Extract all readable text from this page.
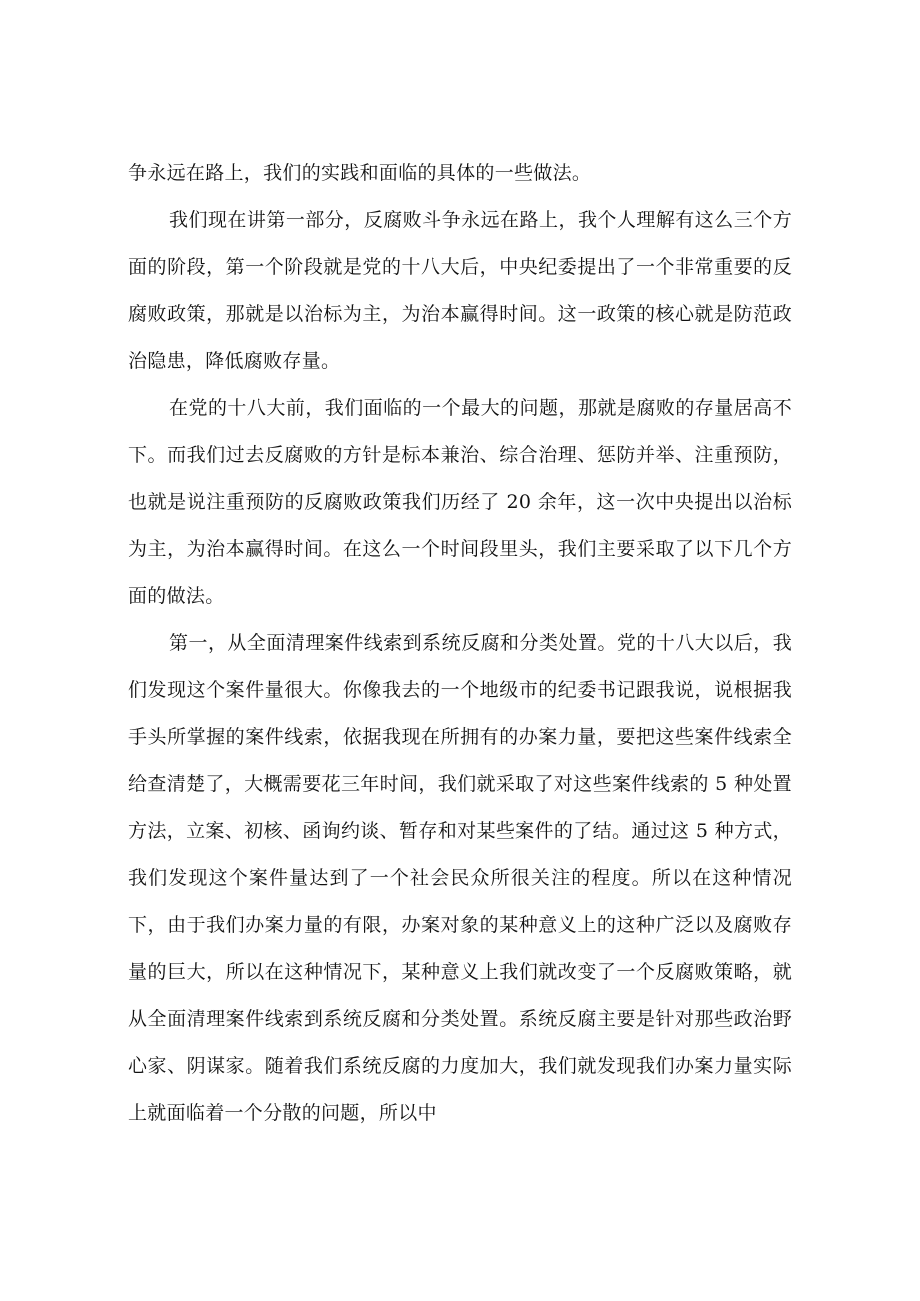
争永远在路上，我们的实践和面临的具体的一些做法。

我们现在讲第一部分，反腐败斗争永远在路上，我个人理解有这么三个方面的阶段，第一个阶段就是党的十八大后，中央纪委提出了一个非常重要的反腐败政策，那就是以治标为主，为治本赢得时间。这一政策的核心就是防范政治隐患，降低腐败存量。

在党的十八大前，我们面临的一个最大的问题，那就是腐败的存量居高不下。而我们过去反腐败的方针是标本兼治、综合治理、惩防并举、注重预防，也就是说注重预防的反腐败政策我们历经了 20 余年，这一次中央提出以治标为主，为治本赢得时间。在这么一个时间段里头，我们主要采取了以下几个方面的做法。

第一，从全面清理案件线索到系统反腐和分类处置。党的十八大以后，我们发现这个案件量很大。你像我去的一个地级市的纪委书记跟我说，说根据我手头所掌握的案件线索，依据我现在所拥有的办案力量，要把这些案件线索全给查清楚了，大概需要花三年时间，我们就采取了对这些案件线索的 5 种处置方法，立案、初核、函询约谈、暂存和对某些案件的了结。通过这 5 种方式，我们发现这个案件量达到了一个社会民众所很关注的程度。所以在这种情况下，由于我们办案力量的有限，办案对象的某种意义上的这种广泛以及腐败存量的巨大，所以在这种情况下，某种意义上我们就改变了一个反腐败策略，就从全面清理案件线索到系统反腐和分类处置。系统反腐主要是针对那些政治野心家、阴谋家。随着我们系统反腐的力度加大，我们就发现我们办案力量实际上就面临着一个分散的问题，所以中
